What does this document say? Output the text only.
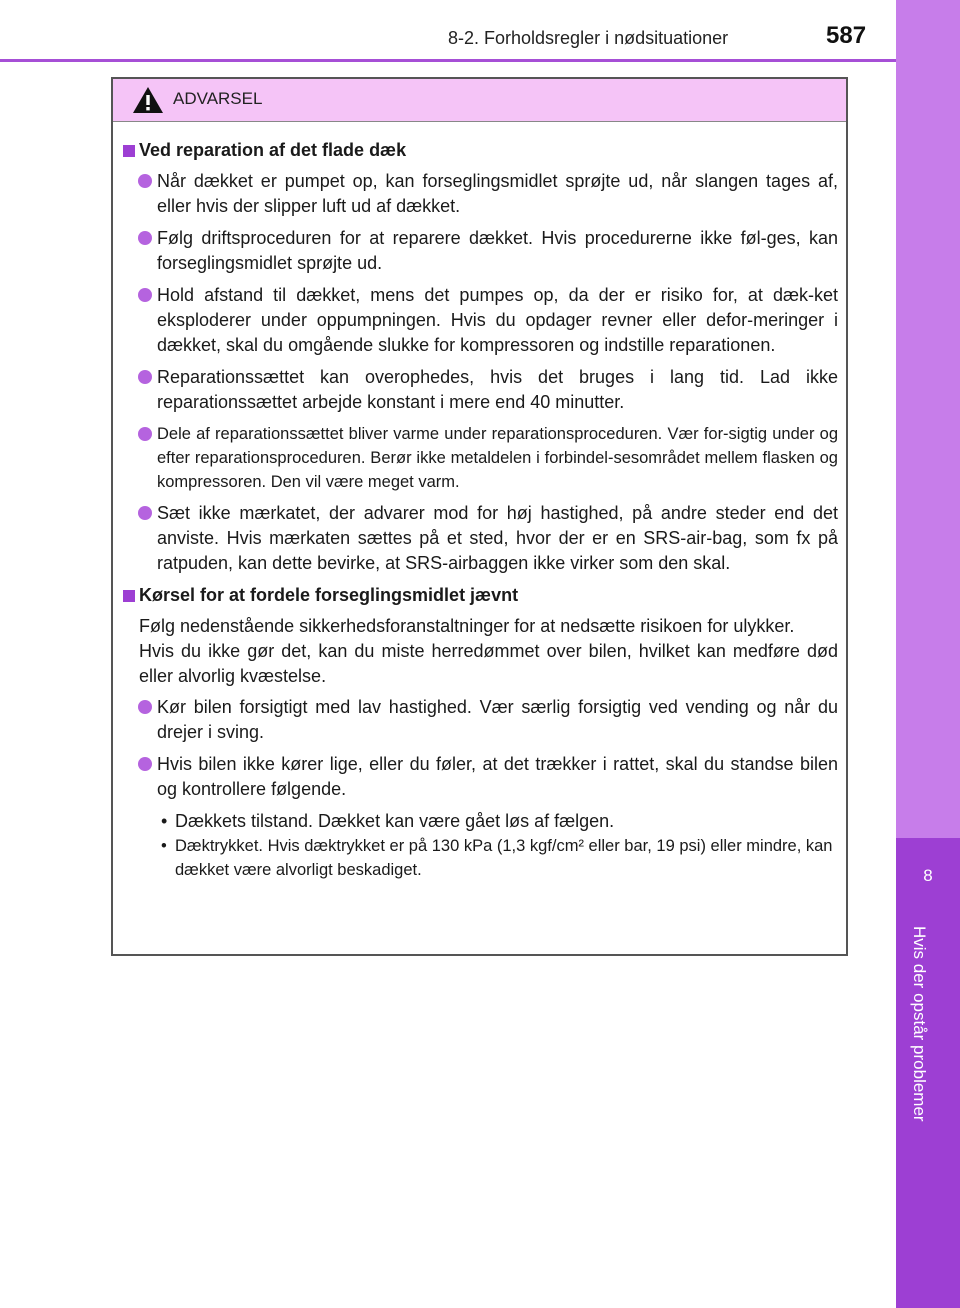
8-2. Forholdsregler i nødsituationer	587
8
Hvis der opstår problemer
ADVARSEL
Ved reparation af det flade dæk
Når dækket er pumpet op, kan forseglingsmidlet sprøjte ud, når slangen tages af, eller hvis der slipper luft ud af dækket.
Følg driftsproceduren for at reparere dækket. Hvis procedurerne ikke føl-ges, kan forseglingsmidlet sprøjte ud.
Hold afstand til dækket, mens det pumpes op, da der er risiko for, at dæk-ket eksploderer under oppumpningen. Hvis du opdager revner eller defor-meringer i dækket, skal du omgående slukke for kompressoren og indstille reparationen.
Reparationssættet kan overophedes, hvis det bruges i lang tid. Lad ikke reparationssættet arbejde konstant i mere end 40 minutter.
Dele af reparationssættet bliver varme under reparationsproceduren. Vær for-sigtig under og efter reparationsproceduren. Berør ikke metaldelen i forbindel-sesområdet mellem flasken og kompressoren. Den vil være meget varm.
Sæt ikke mærkatet, der advarer mod for høj hastighed, på andre steder end det anviste. Hvis mærkaten sættes på et sted, hvor der er en SRS-air-bag, som fx på ratpuden, kan dette bevirke, at SRS-airbaggen ikke virker som den skal.
Kørsel for at fordele forseglingsmidlet jævnt
Følg nedenstående sikkerhedsforanstaltninger for at nedsætte risikoen for ulykker.
Hvis du ikke gør det, kan du miste herredømmet over bilen, hvilket kan medføre død eller alvorlig kvæstelse.
Kør bilen forsigtigt med lav hastighed. Vær særlig forsigtig ved vending og når du drejer i sving.
Hvis bilen ikke kører lige, eller du føler, at det trækker i rattet, skal du standse bilen og kontrollere følgende.
• Dækkets tilstand. Dækket kan være gået løs af fælgen.
• Dæktrykket. Hvis dæktrykket er på 130 kPa (1,3 kgf/cm² eller bar, 19 psi) eller mindre, kan dækket være alvorligt beskadiget.
